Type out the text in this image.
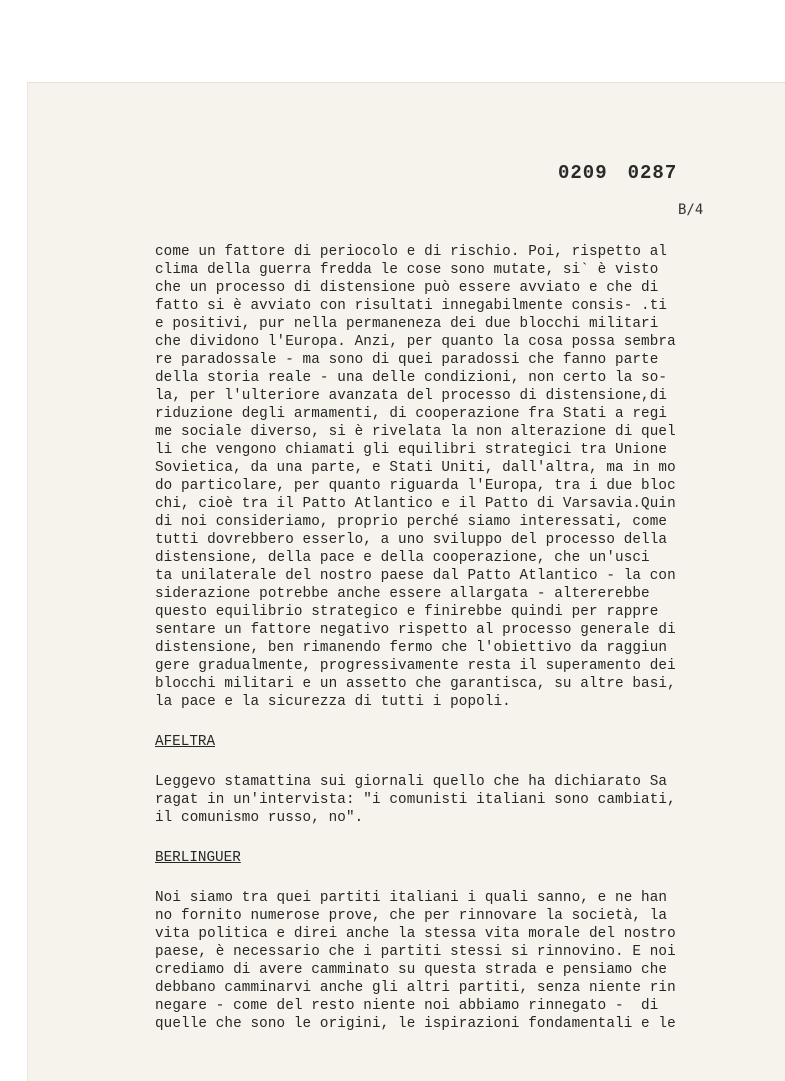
0209 0287
B/4
come un fattore di periocolo e di rischio. Poi, rispetto al
clima della guerra fredda le cose sono mutate, si` è visto
che un processo di distensione può essere avviato e che di
fatto si è avviato con risultati innegabilmente consis- .ti
e positivi, pur nella permaneneza dei due blocchi militari
che dividono l'Europa. Anzi, per quanto la cosa possa sembra
re paradossale - ma sono di quei paradossi che fanno parte
della storia reale - una delle condizioni, non certo la so-
la, per l'ulteriore avanzata del processo di distensione,di
riduzione degli armamenti, di cooperazione fra Stati a regi
me sociale diverso, si è rivelata la non alterazione di quel
li che vengono chiamati gli equilibri strategici tra Unione
Sovietica, da una parte, e Stati Uniti, dall'altra, ma in mo
do particolare, per quanto riguarda l'Europa, tra i due bloc
chi, cioè tra il Patto Atlantico e il Patto di Varsavia.Quin
di noi consideriamo, proprio perché siamo interessati, come
tutti dovrebbero esserlo, a uno sviluppo del processo della
distensione, della pace e della cooperazione, che un'usci
ta unilaterale del nostro paese dal Patto Atlantico - la con
siderazione potrebbe anche essere allargata - altererebbe
questo equilibrio strategico e finirebbe quindi per rappre
sentare un fattore negativo rispetto al processo generale di
distensione, ben rimanendo fermo che l'obiettivo da raggiun
gere gradualmente, progressivamente resta il superamento dei
blocchi militari e un assetto che garantisca, su altre basi,
la pace e la sicurezza di tutti i popoli.
AFELTRA
Leggevo stamattina sui giornali quello che ha dichiarato Sa
ragat in un'intervista: "i comunisti italiani sono cambiati,
il comunismo russo, no".
BERLINGUER
Noi siamo tra quei partiti italiani i quali sanno, e ne han
no fornito numerose prove, che per rinnovare la società, la
vita politica e direi anche la stessa vita morale del nostro
paese, è necessario che i partiti stessi si rinnovino. E noi
crediamo di avere camminato su questa strada e pensiamo che
debbano camminarvi anche gli altri partiti, senza niente rin
negare - come del resto niente noi abbiamo rinnegato -  di
quelle che sono le origini, le ispirazioni fondamentali e le
